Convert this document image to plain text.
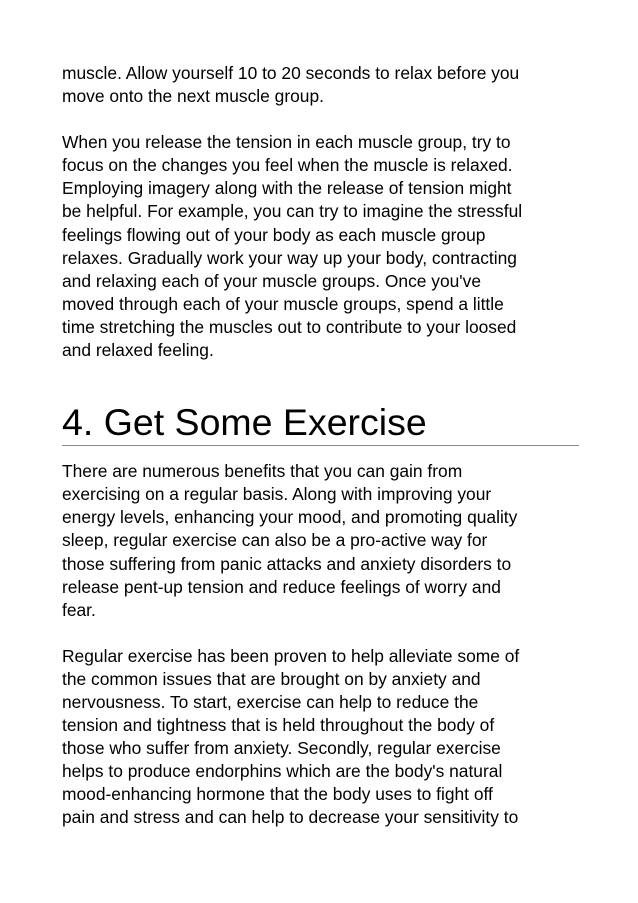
muscle. Allow yourself 10 to 20 seconds to relax before you
move onto the next muscle group.

When you release the tension in each muscle group, try to
focus on the changes you feel when the muscle is relaxed.
Employing imagery along with the release of tension might
be helpful. For example, you can try to imagine the stressful
feelings flowing out of your body as each muscle group
relaxes. Gradually work your way up your body, contracting
and relaxing each of your muscle groups. Once you've
moved through each of your muscle groups, spend a little
time stretching the muscles out to contribute to your loosed
and relaxed feeling.

4. Get Some Exercise

There are numerous benefits that you can gain from
exercising on a regular basis. Along with improving your
energy levels, enhancing your mood, and promoting quality
sleep, regular exercise can also be a pro-active way for
those suffering from panic attacks and anxiety disorders to
release pent-up tension and reduce feelings of worry and
fear.

Regular exercise has been proven to help alleviate some of
the common issues that are brought on by anxiety and
nervousness. To start, exercise can help to reduce the
tension and tightness that is held throughout the body of
those who suffer from anxiety. Secondly, regular exercise
helps to produce endorphins which are the body's natural
mood-enhancing hormone that the body uses to fight off
pain and stress and can help to decrease your sensitivity to
